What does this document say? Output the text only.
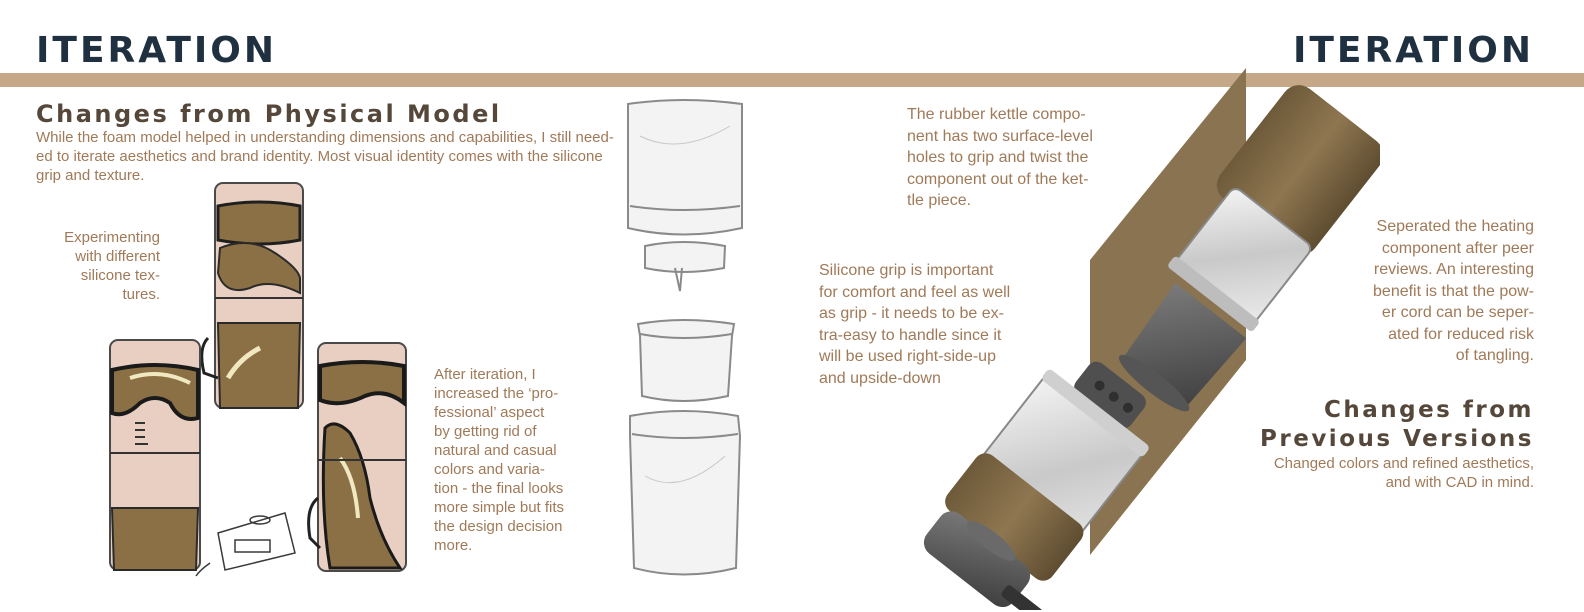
ITERATION	ITERATION
Changes from Physical Model
While the foam model helped in understanding dimensions and capabilities, I still need-
ed to iterate aesthetics and brand identity. Most visual identity comes with the silicone
grip and texture.
Experimenting
with different
silicone tex-
tures.
After iteration, I
increased the ‘pro-
fessional’ aspect
by getting rid of
natural and casual
colors and varia-
tion - the final looks
more simple but fits
the design decision
more.
The rubber kettle compo-
nent has two surface-level
holes to grip and twist the
component out of the ket-
tle piece.
Silicone grip is important
for comfort and feel as well
as grip - it needs to be ex-
tra-easy to handle since it
will be used right-side-up
and upside-down
Seperated the heating
component after peer
reviews. An interesting
benefit is that the pow-
er cord can be seper-
ated for reduced risk
of tangling.
Changes from
Previous Versions
Changed colors and refined aesthetics,
and with CAD in mind.
